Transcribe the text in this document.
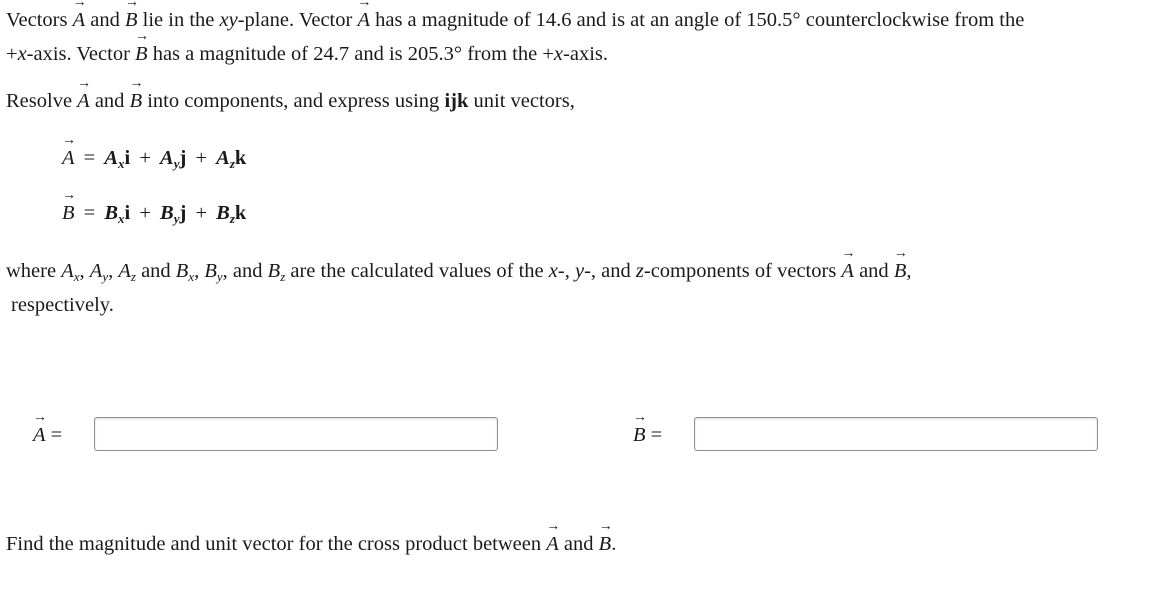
Vectors → A and → B lie in the xy-plane. Vector → A has a magnitude of 14.6 and is at an angle of 150.5° counterclockwise from the
+x-axis. Vector → B has a magnitude of 24.7 and is 205.3° from the +x-axis.
Resolve → A and → B into components, and express using ijk unit vectors,
→ $A = A_xi + A_yj + A_zk$
→ $B = B_xi + B_yj + B_zk$
where $A_x$, $A_y$, $A_z$ and $B_x$, $B_y$, and $B_z$ are the calculated values of the x-, y-, and z-components of vectors → A and → B,
respectively.
→ A =	→ B =
Find the magnitude and unit vector for the cross product between → A and → B.
